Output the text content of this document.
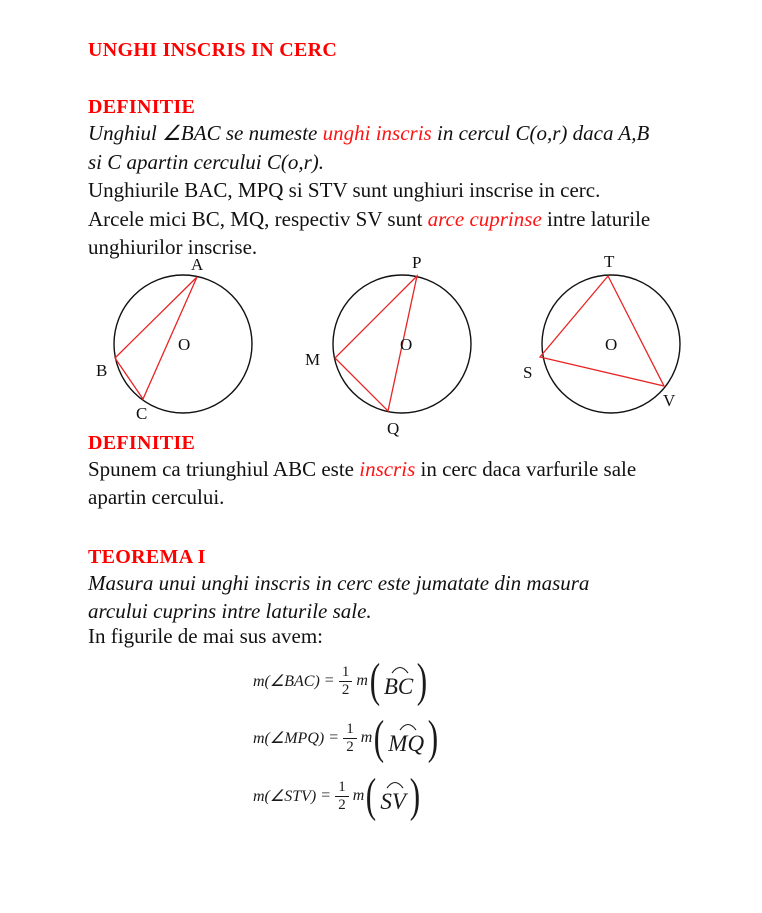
UNGHI INSCRIS IN CERC
DEFINITIE
Unghiul ∠BAC se numeste unghi inscris in cercul C(o,r) daca A,B
si C apartin cercului C(o,r).
Unghiurile BAC, MPQ si STV sunt unghiuri inscrise in cerc.
Arcele mici BC, MQ, respectiv SV sunt arce cuprinse intre laturile
unghiurilor inscrise.
A
B
C
O
P
M
Q
O
T
S
V
O
DEFINITIE
Spunem ca triunghiul ABC este inscris in cerc daca varfurile sale
apartin cercului.
TEOREMA I
Masura unui unghi inscris in cerc este jumatate din masura
arcului cuprins intre laturile sale.
In figurile de mai sus avem:
m(∠BAC) = $\frac{1}{2}$ m ( BC )
m(∠MPQ) = $\frac{1}{2}$ m ( MQ )
m(∠STV) = $\frac{1}{2}$ m ( SV )
